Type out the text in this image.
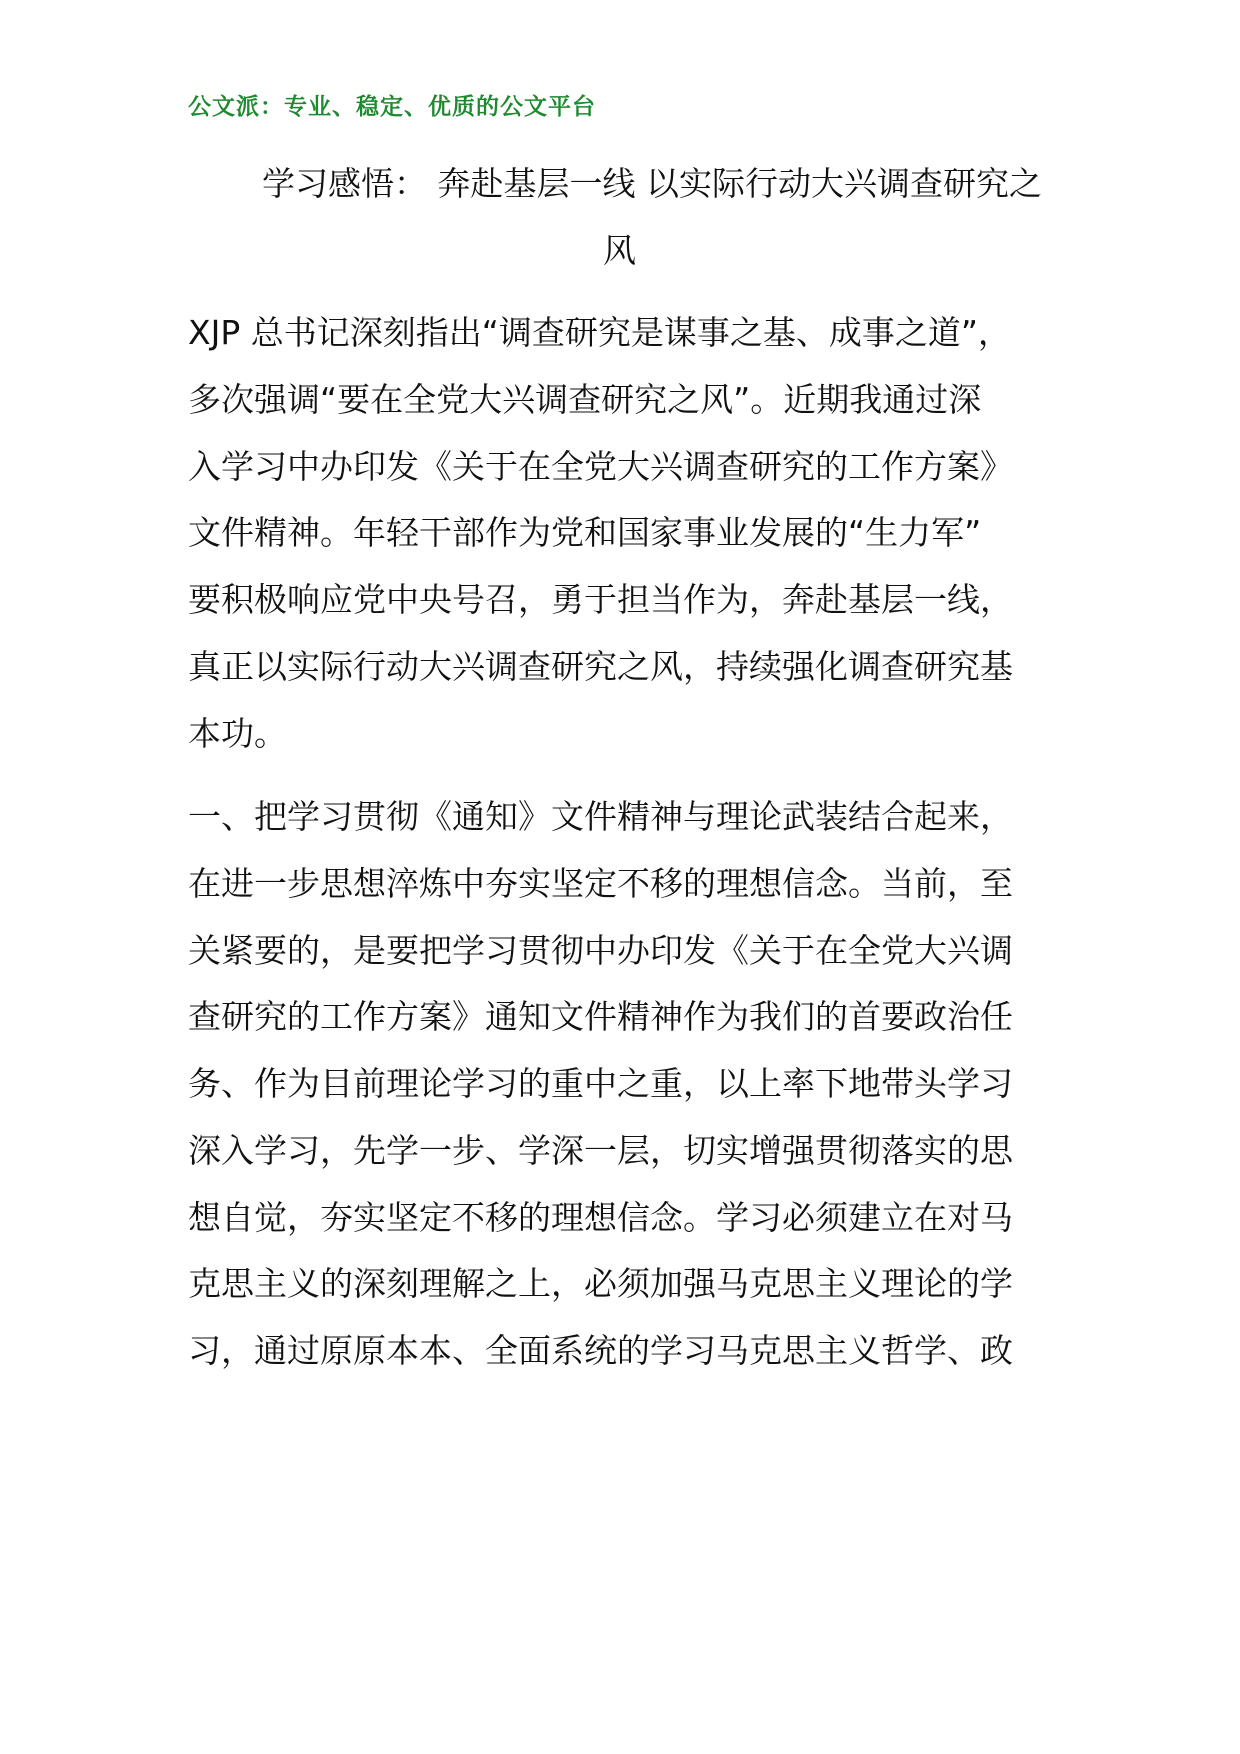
公文派：专业、稳定、优质的公文平台
学习感悟： 奔赴基层一线 以实际行动大兴调查研究之
风
XJP 总书记深刻指出“调查研究是谋事之基、成事之道”，
多次强调“要在全党大兴调查研究之风”。近期我通过深
入学习中办印发《关于在全党大兴调查研究的工作方案》
文件精神。年轻干部作为党和国家事业发展的“生力军”
要积极响应党中央号召，勇于担当作为，奔赴基层一线，
真正以实际行动大兴调查研究之风，持续强化调查研究基
本功。
一、把学习贯彻《通知》文件精神与理论武装结合起来，
在进一步思想淬炼中夯实坚定不移的理想信念。当前，至
关紧要的，是要把学习贯彻中办印发《关于在全党大兴调
查研究的工作方案》通知文件精神作为我们的首要政治任
务、作为目前理论学习的重中之重，以上率下地带头学习
深入学习，先学一步、学深一层，切实增强贯彻落实的思
想自觉，夯实坚定不移的理想信念。学习必须建立在对马
克思主义的深刻理解之上，必须加强马克思主义理论的学
习，通过原原本本、全面系统的学习马克思主义哲学、政
